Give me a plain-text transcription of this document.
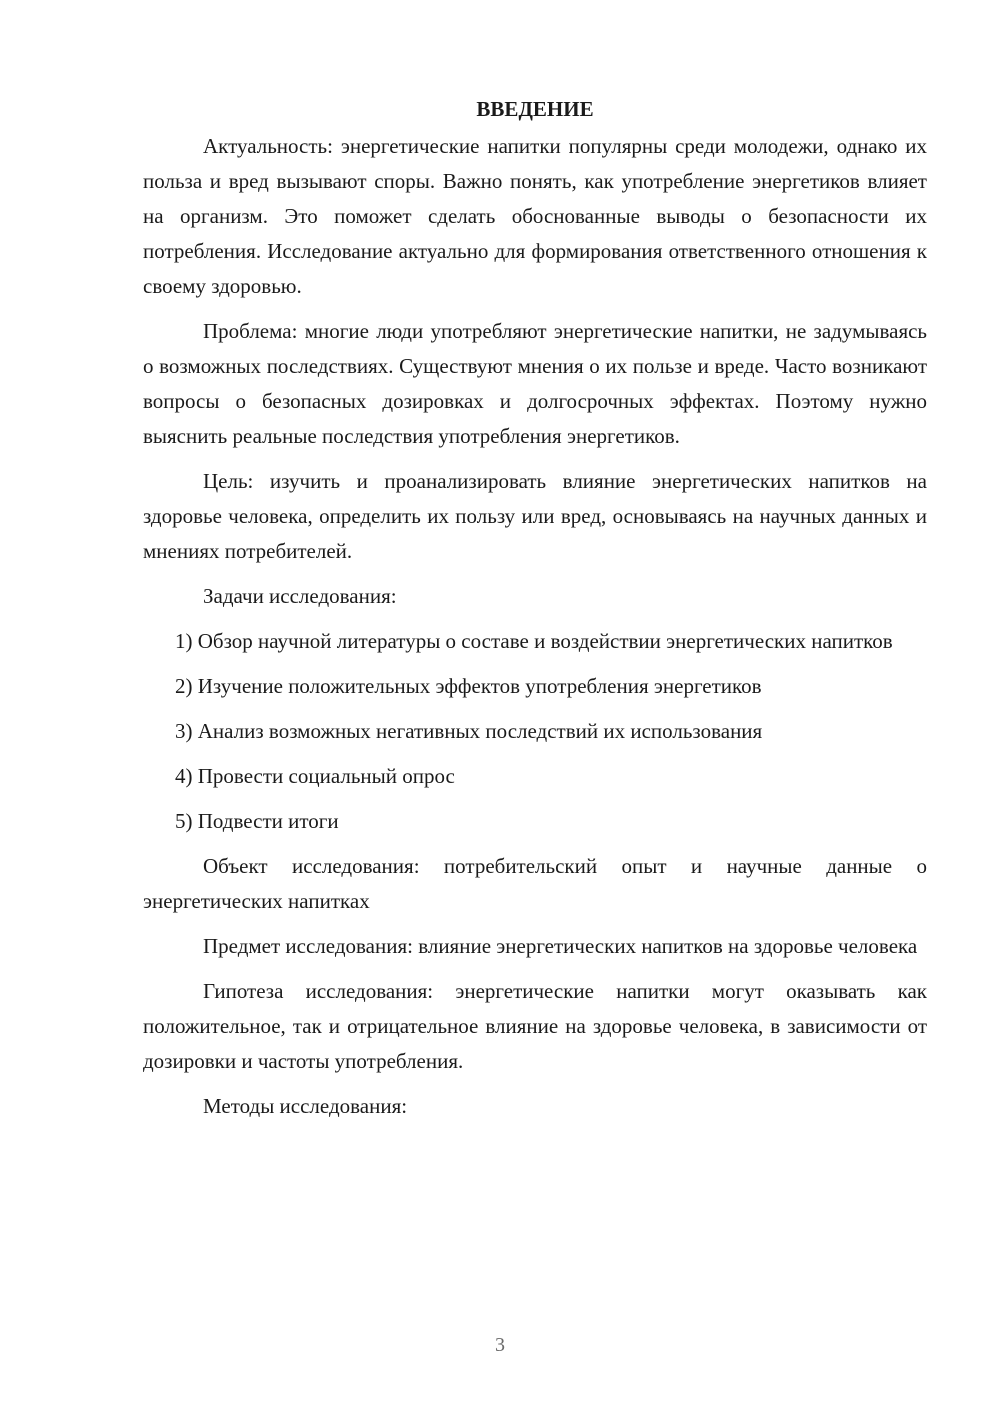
ВВЕДЕНИЕ

Актуальность: энергетические напитки популярны среди молодежи, однако их польза и вред вызывают споры. Важно понять, как употребление энергетиков влияет на организм. Это поможет сделать обоснованные выводы о безопасности их потребления. Исследование актуально для формирования ответственного отношения к своему здоровью.

Проблема: многие люди употребляют энергетические напитки, не задумываясь о возможных последствиях. Существуют мнения о их пользе и вреде. Часто возникают вопросы о безопасных дозировках и долгосрочных эффектах. Поэтому нужно выяснить реальные последствия употребления энергетиков.

Цель: изучить и проанализировать влияние энергетических напитков на здоровье человека, определить их пользу или вред, основываясь на научных данных и мнениях потребителей.

Задачи исследования:

1) Обзор научной литературы о составе и воздействии энергетических напитков

2) Изучение положительных эффектов употребления энергетиков

3) Анализ возможных негативных последствий их использования

4) Провести социальный опрос

5) Подвести итоги

Объект исследования: потребительский опыт и научные данные о энергетических напитках

Предмет исследования: влияние энергетических напитков на здоровье человека

Гипотеза исследования: энергетические напитки могут оказывать как положительное, так и отрицательное влияние на здоровье человека, в зависимости от дозировки и частоты употребления.

Методы исследования:

3
